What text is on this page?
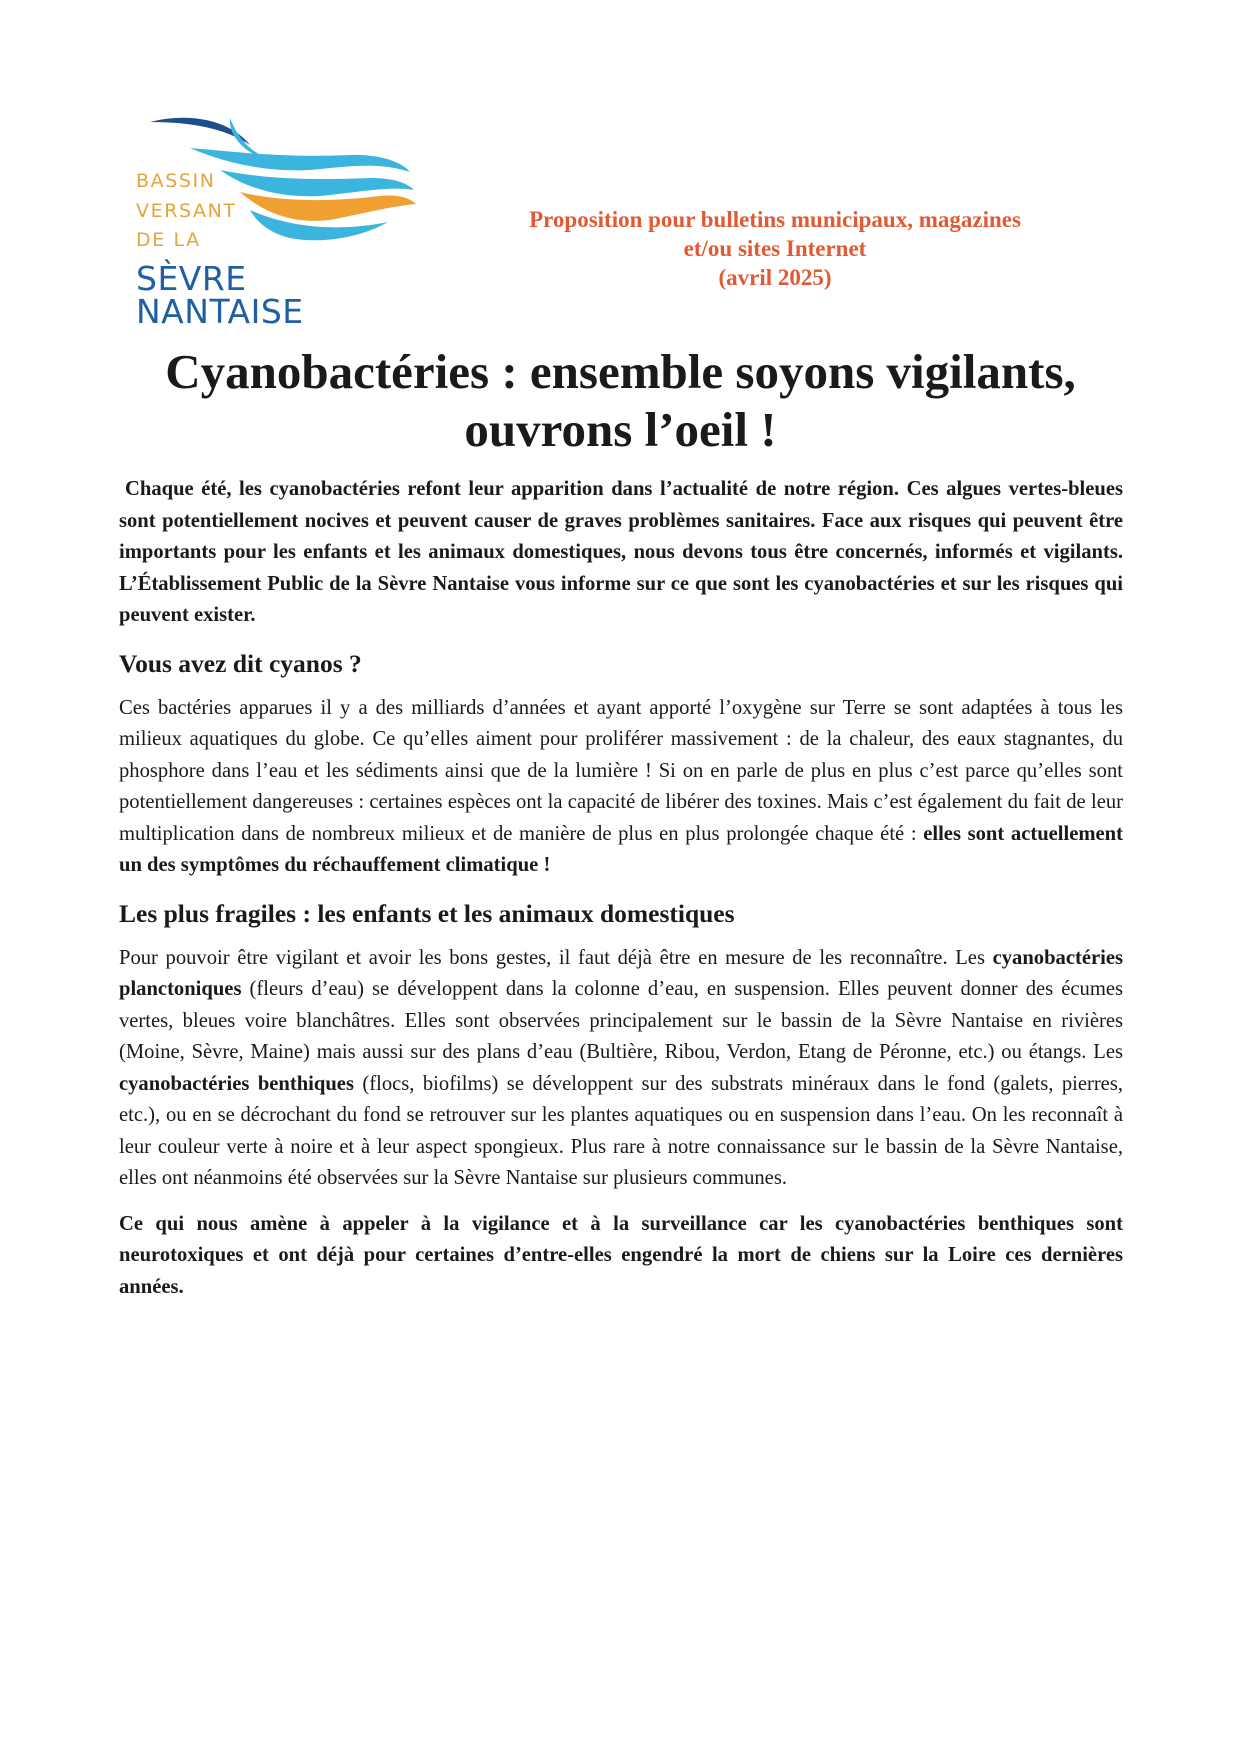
BASSIN
VERSANT
DE LA
SÈVRE NANTAISE
Proposition pour bulletins municipaux, magazines
et/ou sites Internet
(avril 2025)
Cyanobactéries : ensemble soyons vigilants,
ouvrons l’oeil !

Chaque été, les cyanobactéries refont leur apparition dans l’actualité de notre région. Ces algues vertes-bleues sont potentiellement nocives et peuvent causer de graves problèmes sanitaires. Face aux risques qui peuvent être importants pour les enfants et les animaux domestiques, nous devons tous être concernés, informés et vigilants. L’Établissement Public de la Sèvre Nantaise vous informe sur ce que sont les cyanobactéries et sur les risques qui peuvent exister.

Vous avez dit cyanos ?

Ces bactéries apparues il y a des milliards d’années et ayant apporté l’oxygène sur Terre se sont adaptées à tous les milieux aquatiques du globe. Ce qu’elles aiment pour proliférer massivement : de la chaleur, des eaux stagnantes, du phosphore dans l’eau et les sédiments ainsi que de la lumière ! Si on en parle de plus en plus c’est parce qu’elles sont potentiellement dangereuses : certaines espèces ont la capacité de libérer des toxines. Mais c’est également du fait de leur multiplication dans de nombreux milieux et de manière de plus en plus prolongée chaque été : elles sont actuellement un des symptômes du réchauffement climatique !

Les plus fragiles : les enfants et les animaux domestiques

Pour pouvoir être vigilant et avoir les bons gestes, il faut déjà être en mesure de les reconnaître. Les cyanobactéries planctoniques (fleurs d’eau) se développent dans la colonne d’eau, en suspension. Elles peuvent donner des écumes vertes, bleues voire blanchâtres. Elles sont observées principalement sur le bassin de la Sèvre Nantaise en rivières (Moine, Sèvre, Maine) mais aussi sur des plans d’eau (Bultière, Ribou, Verdon, Etang de Péronne, etc.) ou étangs. Les cyanobactéries benthiques (flocs, biofilms) se développent sur des substrats minéraux dans le fond (galets, pierres, etc.), ou en se décrochant du fond se retrouver sur les plantes aquatiques ou en suspension dans l’eau. On les reconnaît à leur couleur verte à noire et à leur aspect spongieux. Plus rare à notre connaissance sur le bassin de la Sèvre Nantaise, elles ont néanmoins été observées sur la Sèvre Nantaise sur plusieurs communes.

Ce qui nous amène à appeler à la vigilance et à la surveillance car les cyanobactéries benthiques sont neurotoxiques et ont déjà pour certaines d’entre-elles engendré la mort de chiens sur la Loire ces dernières années.
